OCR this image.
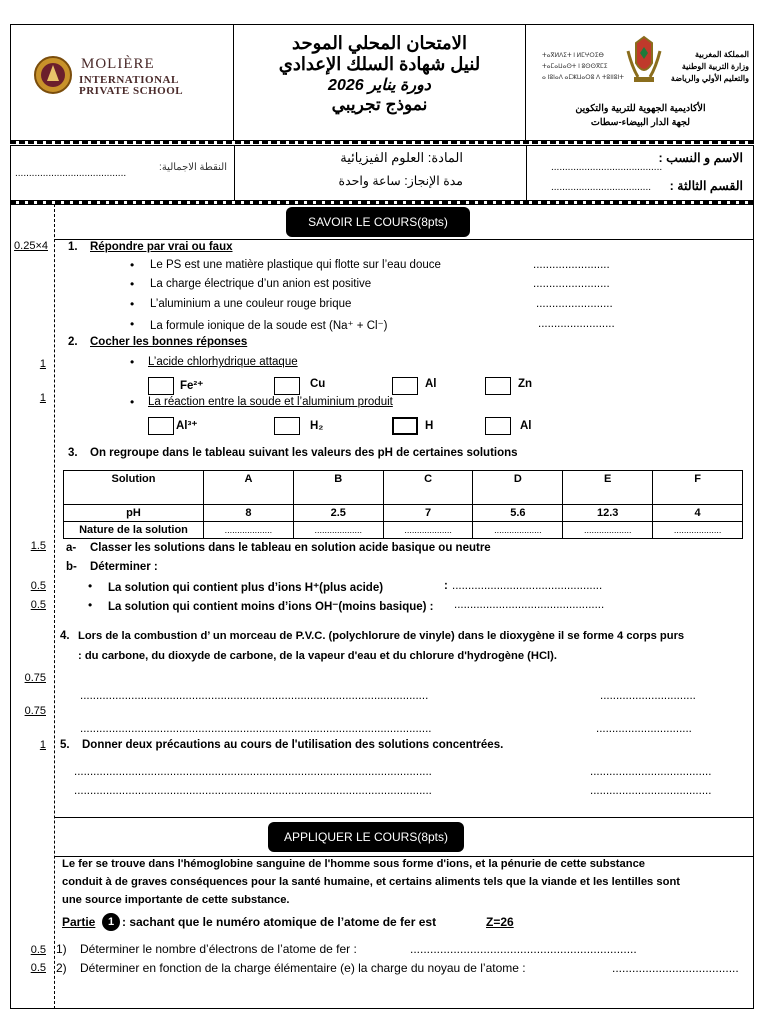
MOLIÈRE
INTERNATIONAL
PRIVATE SCHOOL
الامتحان المحلي الموحد
لنيل شهادة السلك الإعدادي
دورة يناير 2026
نموذج تجريبي
ⵜⴰⴳⵍⴷⵉⵜ ⵏ ⵍⵎⵖⵔⵉⴱ
ⵜⴰⵎⴰⵡⴰⵙⵜ ⵏ ⵓⵙⵙⴳⵎⵉ
ⴰ ⵏⵓⵏⴰⴷ ⴰⵎⵣⵡⴰⵔⵓ ⴷ ⵜⵓⵏⵏⵓⵏⵜ
المملكة المغربية
وزارة التربية الوطنية
والتعليم الأولي والرياضة
الأكاديمية الجهوية للتربية والتكوين
لجهة الدار البيضاء-سطات
الاسم و النسب :
........................................
القسم الثالثة :
....................................
المادة: العلوم الفيزيائية
مدة الإنجاز: ساعة واحدة
النقطة الاجمالية:
........................................
SAVOIR LE COURS(8pts)
0.25×4 1. Répondre par vrai ou faux
• Le PS est une matière plastique qui flotte sur l’eau douce	........................
• La charge électrique d’un anion est positive	........................
• L’aluminium a une couleur rouge brique	........................
• La formule ionique de la soude est (Na⁺ + Cl⁻)	........................
2. Cocher les bonnes réponses
• L’acide chlorhydrique attaque
1
Fe²⁺	Cu	Al	Zn
• La réaction entre la soude et l’aluminium produit
1
Al³⁺	H₂	H	Al
3. On regroupe dans le tableau suivant les valeurs des pH de certaines solutions
Solution	A	B	C	D	E	F
pH	8	2.5	7	5.6	12.3	4
Nature de la solution	...................	...................	...................	...................	...................	...................
1.5 a- Classer les solutions dans le tableau en solution acide basique ou neutre
b- Déterminer :
0.5	• La solution qui contient plus d’ions H⁺(plus acide)	: ...............................................
0.5	• La solution qui contient moins d’ions OH⁻(moins basique) : ...............................................
4. Lors de la combustion d’ un morceau de P.V.C. (polychlorure de vinyle) dans le dioxygène il se forme 4 corps purs
: du carbone, du dioxyde de carbone, de la vapeur d'eau et du chlorure d'hydrogène (HCl).
0.75
0.75
.............................................................................................................	..............................
..............................................................................................................	..............................
1 5. Donner deux précautions au cours de l'utilisation des solutions concentrées.
................................................................................................................	......................................
................................................................................................................	......................................
APPLIQUER LE COURS(8pts)
Le fer se trouve dans l'hémoglobine sanguine de l'homme sous forme d'ions, et la pénurie de cette substance
conduit à de graves conséquences pour la santé humaine, et certains aliments tels que la viande et les lentilles sont
une source importante de cette substance.
Partie	1 : sachant que le numéro atomique de l’atome de fer est	Z=26
0.5 1) Déterminer le nombre d’électrons de l’atome de fer :	....................................................................
0.5 2) Déterminer en fonction de la charge élémentaire (e) la charge du noyau de l’atome :	......................................
